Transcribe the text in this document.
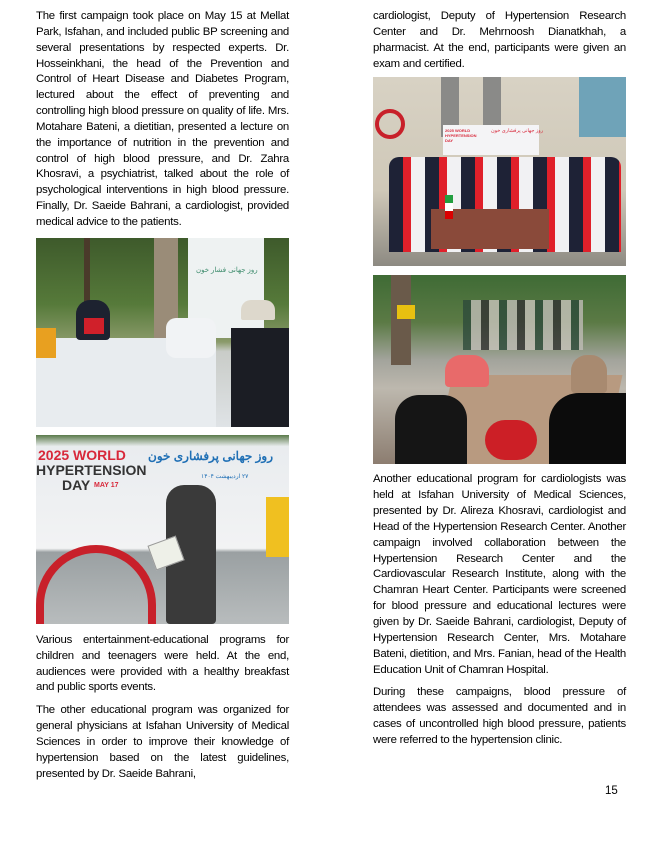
The first campaign took place on May 15 at Mellat Park, Isfahan, and included public BP screening and several presentations by respected experts. Dr. Hosseinkhani, the head of the Prevention and Control of Heart Disease and Diabetes Program, lectured about the effect of preventing and controlling high blood pressure on quality of life. Mrs. Motahare Bateni, a dietitian, presented a lecture on the importance of nutrition in the prevention and control of high blood pressure, and Dr. Zahra Khosravi, a psychiatrist, talked about the role of psychological interventions in high blood pressure. Finally, Dr. Saeide Bahrani, a cardiologist, provided medical advice to the patients.

روز جهانی فشار خون
2025 WORLD
HYPERTENSION
DAY MAY 17
روز جهانی پرفشاری خون
۲۷ اردیبهشت ۱۴۰۴

Various entertainment-educational programs for children and teenagers were held. At the end, audiences were provided with a healthy breakfast and public sports events.

The other educational program was organized for general physicians at Isfahan University of Medical Sciences in order to improve their knowledge of hypertension based on the latest guidelines, presented by Dr. Saeide Bahrani,

cardiologist, Deputy of Hypertension Research Center and Dr. Mehrnoosh Dianatkhah, a pharmacist. At the end, participants were given an exam and certified.

2025 WORLD HYPERTENSION DAY
روز جهانی پرفشاری خون

Another educational program for cardiologists was held at Isfahan University of Medical Sciences, presented by Dr. Alireza Khosravi, cardiologist and Head of the Hypertension Research Center. Another campaign involved collaboration between the Hypertension Research Center and the Cardiovascular Research Institute, along with the Chamran Heart Center. Participants were screened for blood pressure and educational lectures were given by Dr. Saeide Bahrani, cardiologist, Deputy of Hypertension Research Center, Mrs. Motahare Bateni, dietition, and Mrs. Fanian, head of the Health Education Unit of Chamran Hospital.

During these campaigns, blood pressure of attendees was assessed and documented and in cases of uncontrolled high blood pressure, patients were referred to the hypertension clinic.

15
